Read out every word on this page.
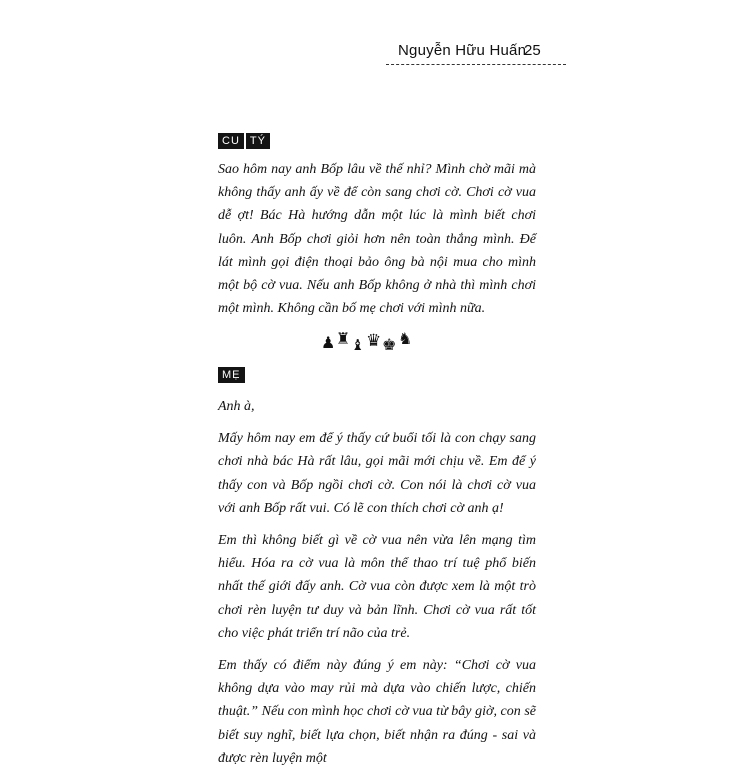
Nguyễn Hữu Huấn
25
CU TÝ

Sao hôm nay anh Bốp lâu về thế nhỉ? Mình chờ mãi mà không thấy anh ấy về để còn sang chơi cờ. Chơi cờ vua dễ ợt! Bác Hà hướng dẫn một lúc là mình biết chơi luôn. Anh Bốp chơi giỏi hơn nên toàn thắng mình. Để lát mình gọi điện thoại bảo ông bà nội mua cho mình một bộ cờ vua. Nếu anh Bốp không ở nhà thì mình chơi một mình. Không cần bố mẹ chơi với mình nữa.

♟ ♜ ♝ ♛ ♚ ♞
MẸ

Anh à,

Mấy hôm nay em để ý thấy cứ buổi tối là con chạy sang chơi nhà bác Hà rất lâu, gọi mãi mới chịu về. Em để ý thấy con và Bốp ngồi chơi cờ. Con nói là chơi cờ vua với anh Bốp rất vui. Có lẽ con thích chơi cờ anh ạ!

Em thì không biết gì về cờ vua nên vừa lên mạng tìm hiểu. Hóa ra cờ vua là môn thể thao trí tuệ phổ biến nhất thế giới đấy anh. Cờ vua còn được xem là một trò chơi rèn luyện tư duy và bản lĩnh. Chơi cờ vua rất tốt cho việc phát triển trí não của trẻ.

Em thấy có điểm này đúng ý em này: “Chơi cờ vua không dựa vào may rủi mà dựa vào chiến lược, chiến thuật.” Nếu con mình học chơi cờ vua từ bây giờ, con sẽ biết suy nghĩ, biết lựa chọn, biết nhận ra đúng - sai và được rèn luyện một
